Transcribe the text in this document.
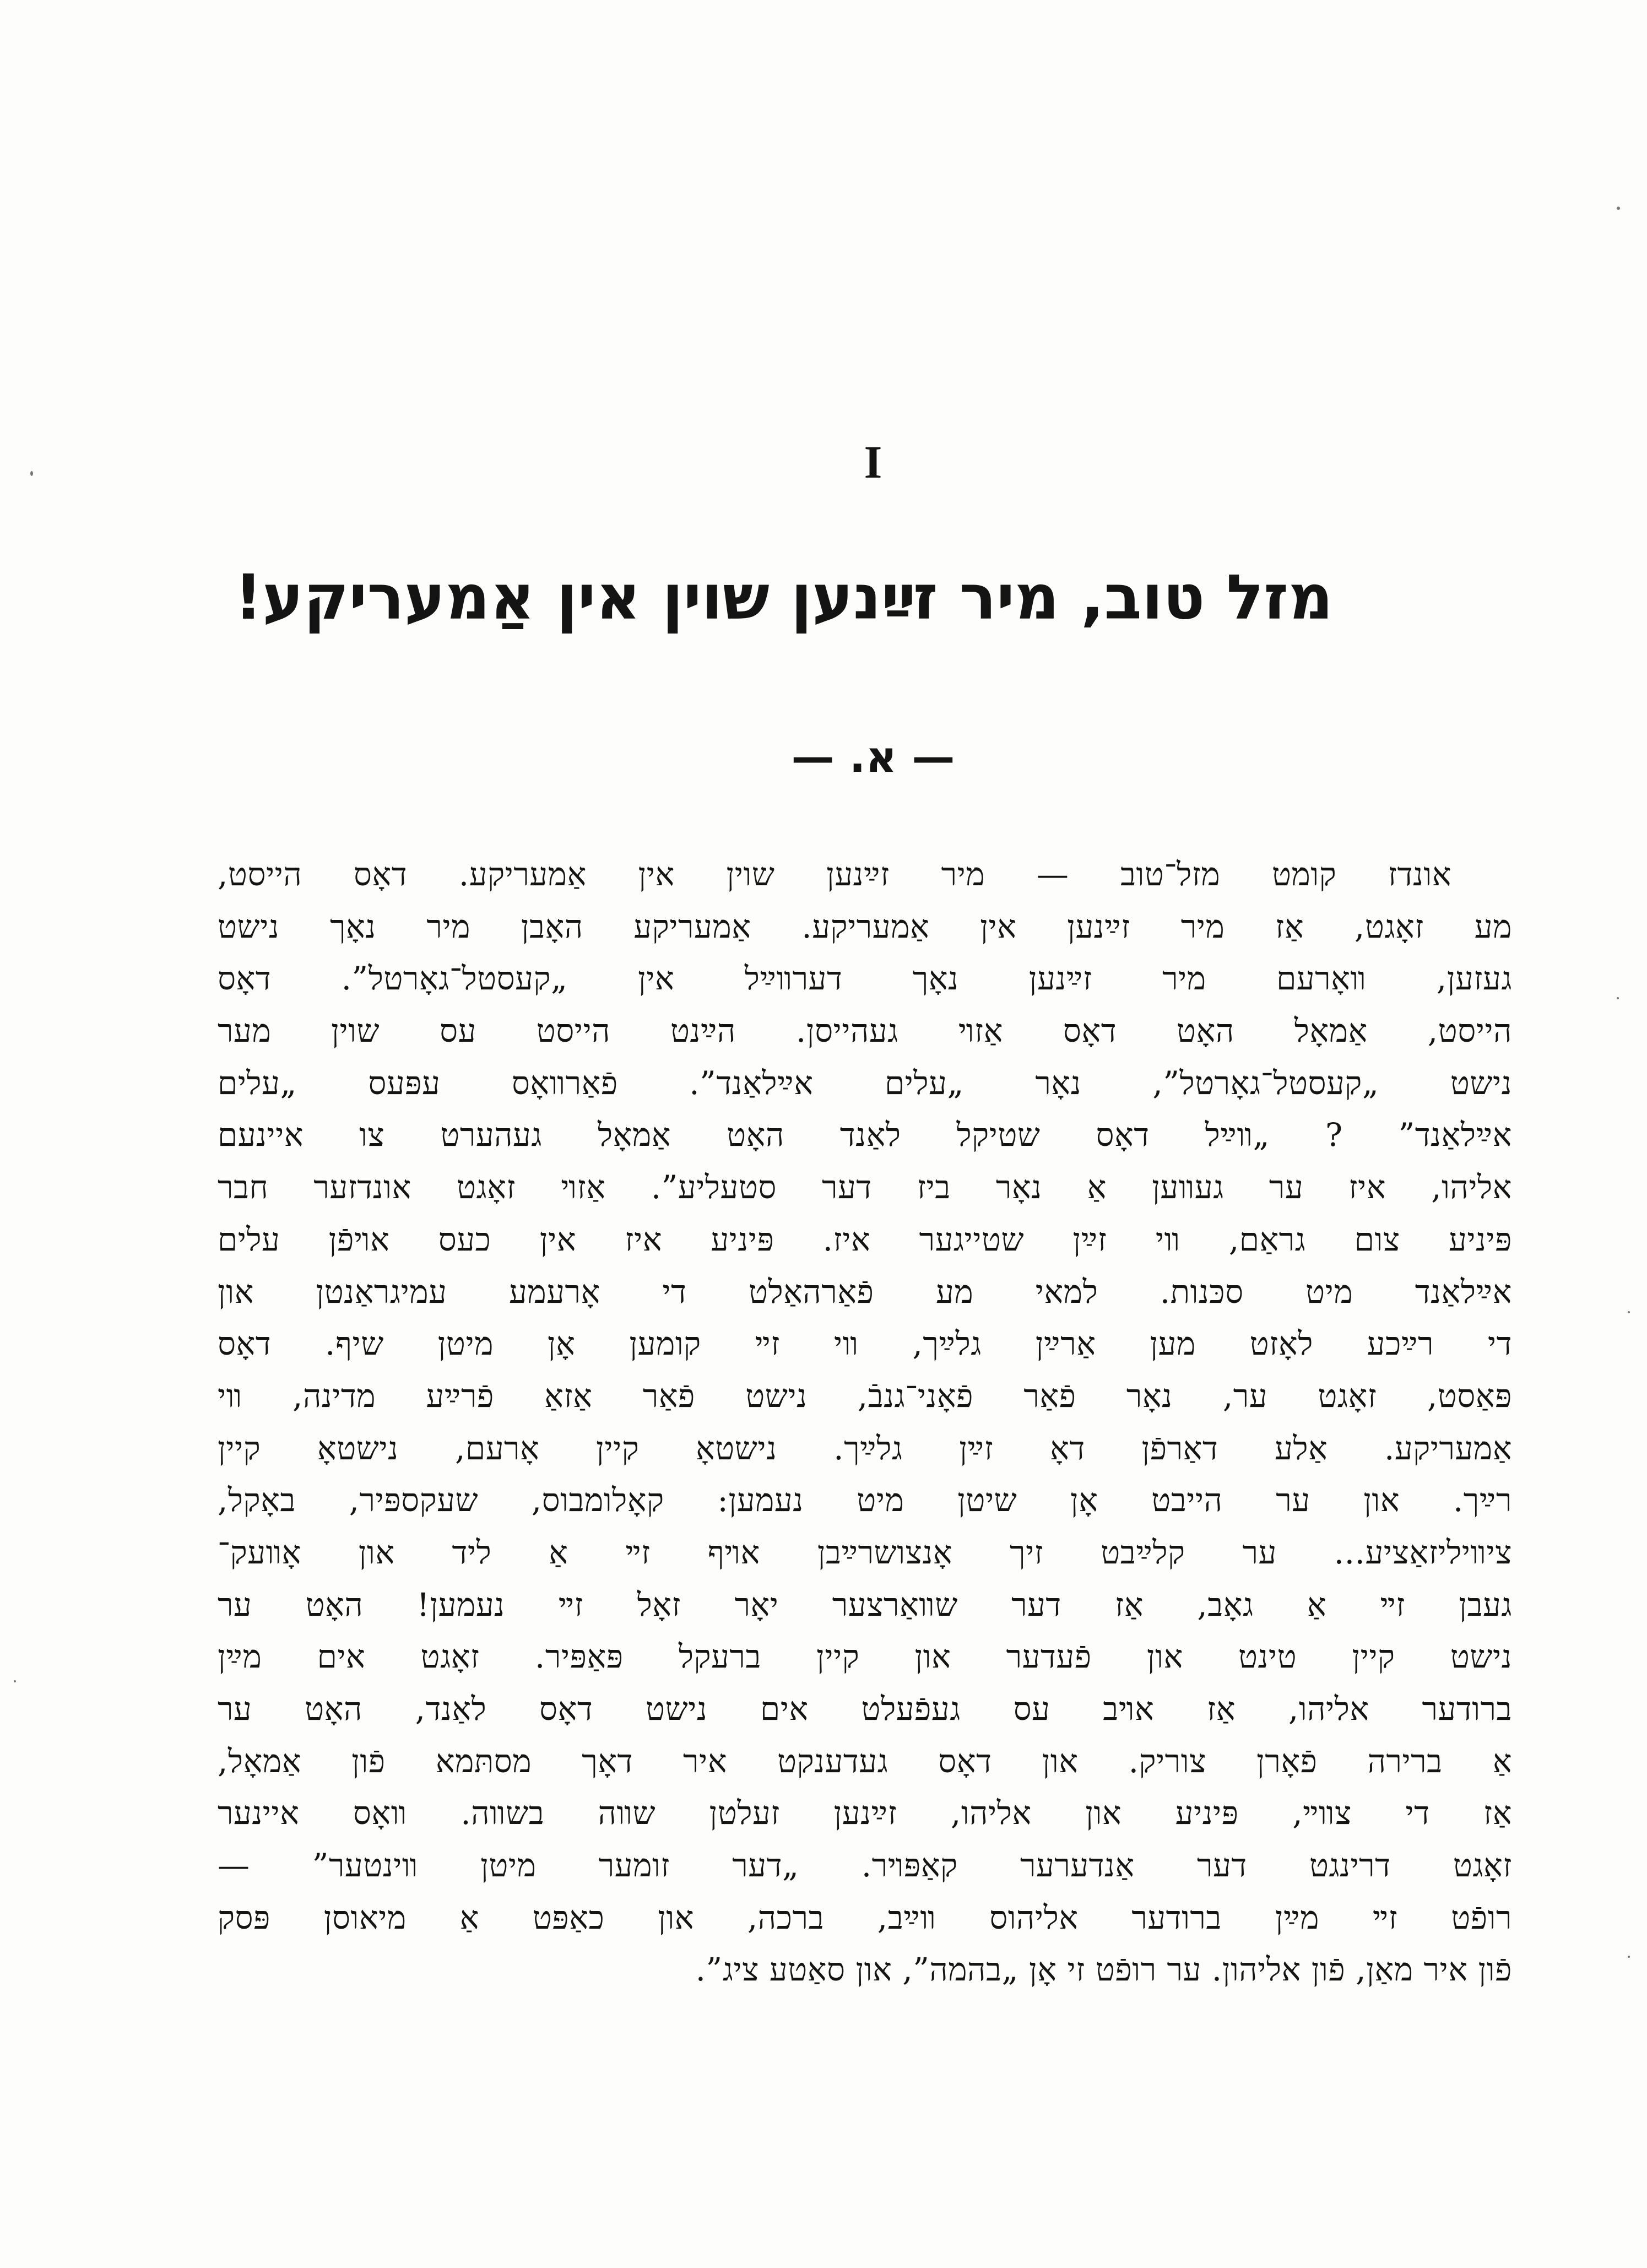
I
מזל טוב, מיר זײַנען שוין אין אַמעריקע!
— א. —
אונדז קומט מזל־טוב — מיר זײַנען שוין אין אַמעריקע. דאָס הייסט,
מע זאָגט, אַז מיר זײַנען אין אַמעריקע. אַמעריקע האָבן מיר נאָך נישט
געזען, װאָרעם מיר זײַנען נאָך דערװײַל אין „קעסטל־גאָרטל”. דאָס
הייסט, אַמאָל האָט דאָס אַזױ געהייסן. הײַנט הייסט עס שוין מער
נישט „קעסטל־גאָרטל”, נאָר „עלים אײַלאַנד”. פֿאַרװאָס עפּעס „עלים
אײַלאַנד” ? „װײַל דאָס שטיקל לאַנד האָט אַמאָל געהערט צו איינעם
אליהו, איז ער געװען אַ נאָר ביז דער סטעליע”. אַזױ זאָגט אונדזער חבר
פּיניע צום גראַם, װי זײַן שטייגער איז. פּיניע איז אין כעס אױפֿן עלים
אײַלאַנד מיט סכּנות. למאי מע פֿאַרהאַלט די אָרעמע עמיגראַנטן און
די רײַכע לאָזט מען אַרײַן גלײַך, װי זײ קומען אָן מיטן שיף. דאָס
פּאַסט, זאָגט ער, נאָר פֿאַר פֿאָני־גנבֿ, נישט פֿאַר אַזאַ פֿרײַע מדינה, װי
אַמעריקע. אַלע דאַרפֿן דאָ זײַן גלײַך. נישטאָ קיין אָרעם, נישטאָ קיין
רײַך. און ער הייבט אָן שיטן מיט נעמען: קאָלומבוס, שעקספּיר, באָקל,
ציװיליזאַציע... ער קלײַבט זיך אָנצושרײַבן אױף זײ אַ ליד און אָװעק־
געבן זײ אַ גאָב, אַז דער שװאַרצער יאָר זאָל זײ נעמען! האָט ער
נישט קיין טינט און פֿעדער און קיין ברעקל פּאַפּיר. זאָגט אים מײַן
ברודער אליהו, אַז אױב עס געפֿעלט אים נישט דאָס לאַנד, האָט ער
אַ ברירה פֿאָרן צוריק. און דאָס געדענקט איר דאָך מסתּמא פֿון אַמאָל,
אַז די צװײ, פּיניע און אליהו, זײַנען זעלטן שװה בשװה. װאָס איינער
זאָגט דרינגט דער אַנדערער קאַפּױר. „דער זומער מיטן װינטער” —
רופֿט זײ מײַן ברודער אליהוס װײַב, ברכה, און כאַפּט אַ מיאוסן פּסק
פֿון איר מאַן, פֿון אליהון. ער רופֿט זי אָן „בהמה”, און סאַטע ציג”.
